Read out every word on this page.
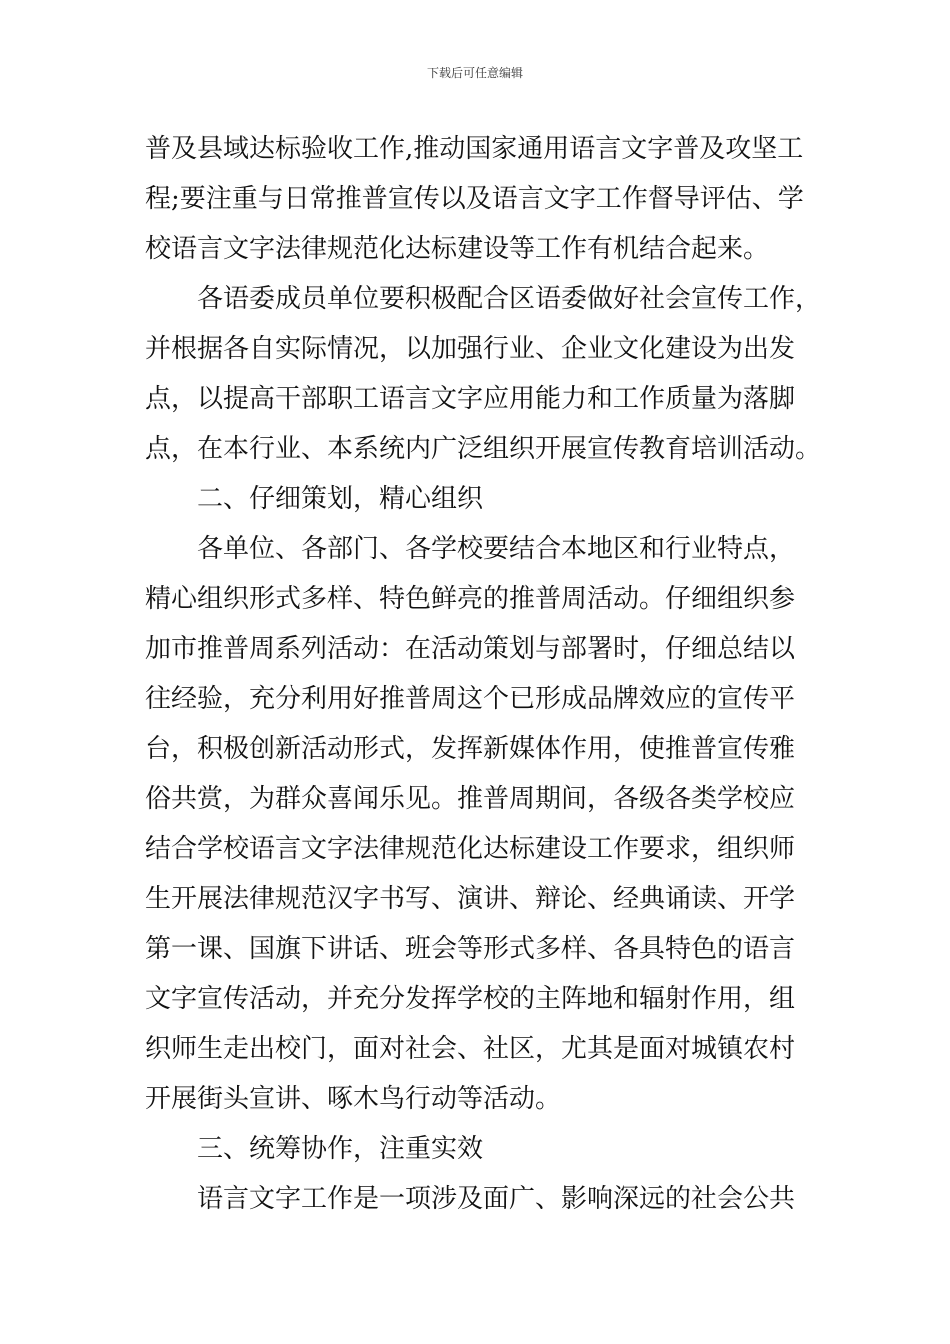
下载后可任意编辑
普及县域达标验收工作,推动国家通用语言文字普及攻坚工
程;要注重与日常推普宣传以及语言文字工作督导评估、学
校语言文字法律规范化达标建设等工作有机结合起来。
各语委成员单位要积极配合区语委做好社会宣传工作，
并根据各自实际情况，以加强行业、企业文化建设为出发
点，以提高干部职工语言文字应用能力和工作质量为落脚
点，在本行业、本系统内广泛组织开展宣传教育培训活动。
二、仔细策划，精心组织
各单位、各部门、各学校要结合本地区和行业特点，
精心组织形式多样、特色鲜亮的推普周活动。仔细组织参
加市推普周系列活动：在活动策划与部署时，仔细总结以
往经验，充分利用好推普周这个已形成品牌效应的宣传平
台，积极创新活动形式，发挥新媒体作用，使推普宣传雅
俗共赏，为群众喜闻乐见。推普周期间，各级各类学校应
结合学校语言文字法律规范化达标建设工作要求，组织师
生开展法律规范汉字书写、演讲、辩论、经典诵读、开学
第一课、国旗下讲话、班会等形式多样、各具特色的语言
文字宣传活动，并充分发挥学校的主阵地和辐射作用，组
织师生走出校门，面对社会、社区，尤其是面对城镇农村
开展街头宣讲、啄木鸟行动等活动。
三、统筹协作，注重实效
语言文字工作是一项涉及面广、影响深远的社会公共
